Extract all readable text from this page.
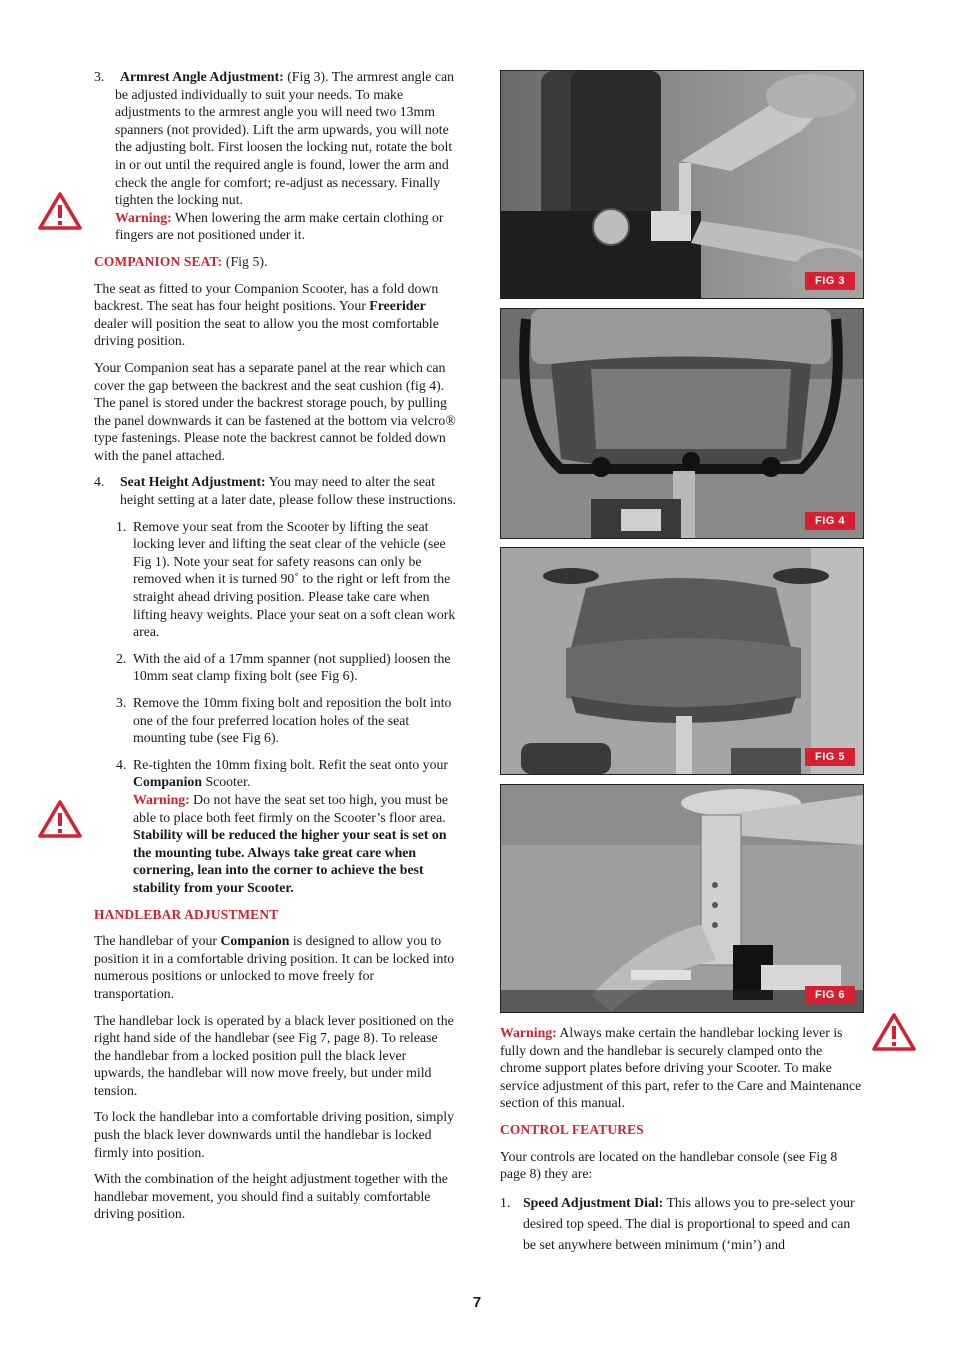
3. Armrest Angle Adjustment: (Fig 3). The armrest angle can be adjusted individually to suit your needs. To make adjustments to the armrest angle you will need two 13mm spanners (not provided). Lift the arm upwards, you will note the adjusting bolt. First loosen the locking nut, rotate the bolt in or out until the required angle is found, lower the arm and check the angle for comfort; re-adjust as necessary. Finally tighten the locking nut.
Warning: When lowering the arm make certain clothing or fingers are not positioned under it.

COMPANION SEAT: (Fig 5).

The seat as fitted to your Companion Scooter, has a fold down backrest. The seat has four height positions. Your Freerider dealer will position the seat to allow you the most comfortable driving position.

Your Companion seat has a separate panel at the rear which can cover the gap between the backrest and the seat cushion (fig 4). The panel is stored under the backrest storage pouch, by pulling the panel downwards it can be fastened at the bottom via velcro® type fastenings. Please note the backrest cannot be folded down with the panel attached.

4. Seat Height Adjustment: You may need to alter the seat height setting at a later date, please follow these instructions.
1. Remove your seat from the Scooter by lifting the seat locking lever and lifting the seat clear of the vehicle (see Fig 1). Note your seat for safety reasons can only be removed when it is turned 90˚ to the right or left from the straight ahead driving position. Please take care when lifting heavy weights. Place your seat on a soft clean work area.
2. With the aid of a 17mm spanner (not supplied) loosen the 10mm seat clamp fixing bolt (see Fig 6).
3. Remove the 10mm fixing bolt and reposition the bolt into one of the four preferred location holes of the seat mounting tube (see Fig 6).
4. Re-tighten the 10mm fixing bolt. Refit the seat onto your Companion Scooter.
Warning: Do not have the seat set too high, you must be able to place both feet firmly on the Scooter’s floor area. Stability will be reduced the higher your seat is set on the mounting tube. Always take great care when cornering, lean into the corner to achieve the best stability from your Scooter.

HANDLEBAR ADJUSTMENT

The handlebar of your Companion is designed to allow you to position it in a comfortable driving position. It can be locked into numerous positions or unlocked to move freely for transportation.

The handlebar lock is operated by a black lever positioned on the right hand side of the handlebar (see Fig 7, page 8). To release the handlebar from a locked position pull the black lever upwards, the handlebar will now move freely, but under mild tension.

To lock the handlebar into a comfortable driving position, simply push the black lever downwards until the handlebar is locked firmly into position.

With the combination of the height adjustment together with the handlebar movement, you should find a suitably comfortable driving position.

FIG 3
FIG 4
FIG 5
FIG 6

Warning: Always make certain the handlebar locking lever is fully down and the handlebar is securely clamped onto the chrome support plates before driving your Scooter. To make service adjustment of this part, refer to the Care and Maintenance section of this manual.

CONTROL FEATURES

Your controls are located on the handlebar console (see Fig 8 page 8) they are:

1. Speed Adjustment Dial: This allows you to pre-select your desired top speed. The dial is proportional to speed and can be set anywhere between minimum (‘min’) and
7
